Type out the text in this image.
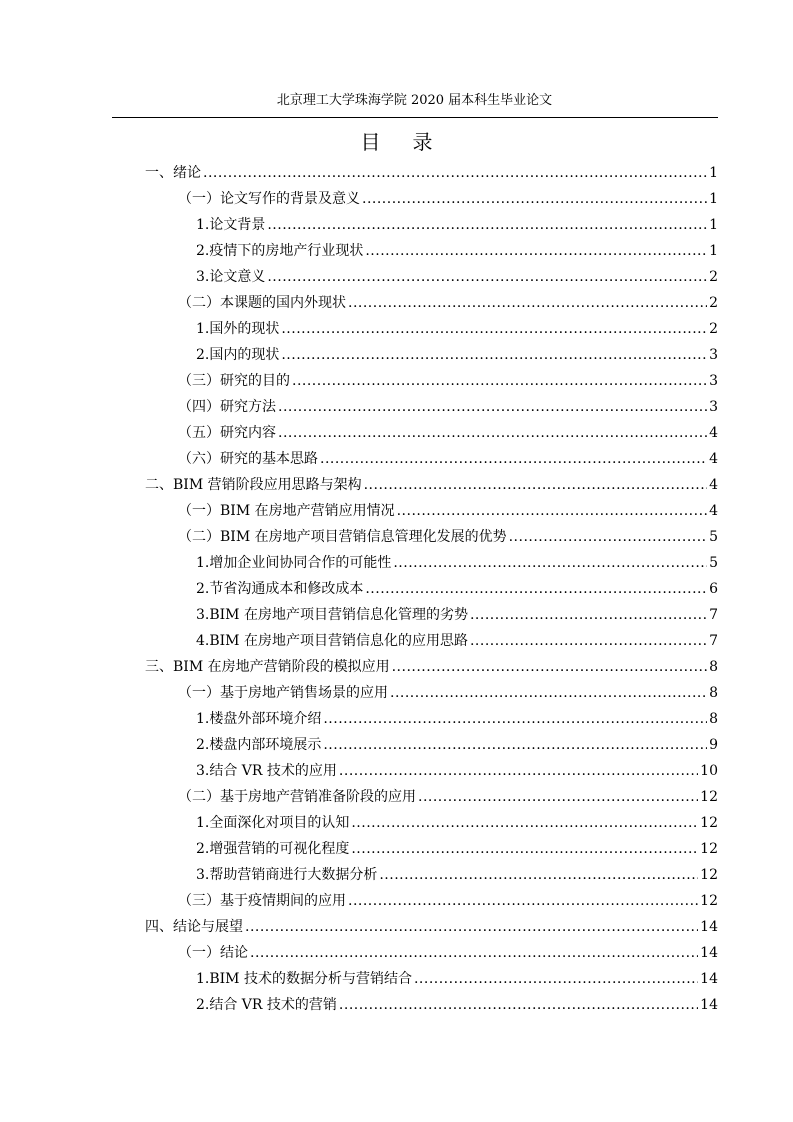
北京理工大学珠海学院 2020 届本科生毕业论文
目录
一、绪论 .....	1
（一）论文写作的背景及意义 .....	1
1.论文背景 .....	1
2.疫情下的房地产行业现状 .....	1
3.论文意义 .....	2
（二）本课题的国内外现状 .....	2
1.国外的现状 .....	2
2.国内的现状 .....	3
（三）研究的目的 .....	3
（四）研究方法 .....	3
（五）研究内容 .....	4
（六）研究的基本思路 .....	4
二、BIM 营销阶段应用思路与架构 .....	4
（一）BIM 在房地产营销应用情况 .....	4
（二）BIM 在房地产项目营销信息管理化发展的优势 .....	5
1.增加企业间协同合作的可能性 .....	5
2.节省沟通成本和修改成本 .....	6
3.BIM 在房地产项目营销信息化管理的劣势 .....	7
4.BIM 在房地产项目营销信息化的应用思路 .....	7
三、BIM 在房地产营销阶段的模拟应用 .....	8
（一）基于房地产销售场景的应用 .....	8
1.楼盘外部环境介绍 .....	8
2.楼盘内部环境展示 .....	9
3.结合 VR 技术的应用 .....	10
（二）基于房地产营销准备阶段的应用 .....	12
1.全面深化对项目的认知 .....	12
2.增强营销的可视化程度 .....	12
3.帮助营销商进行大数据分析 .....	12
（三）基于疫情期间的应用 .....	12
四、结论与展望 .....	14
（一）结论 .....	14
1.BIM 技术的数据分析与营销结合 .....	14
2.结合 VR 技术的营销 .....	14
